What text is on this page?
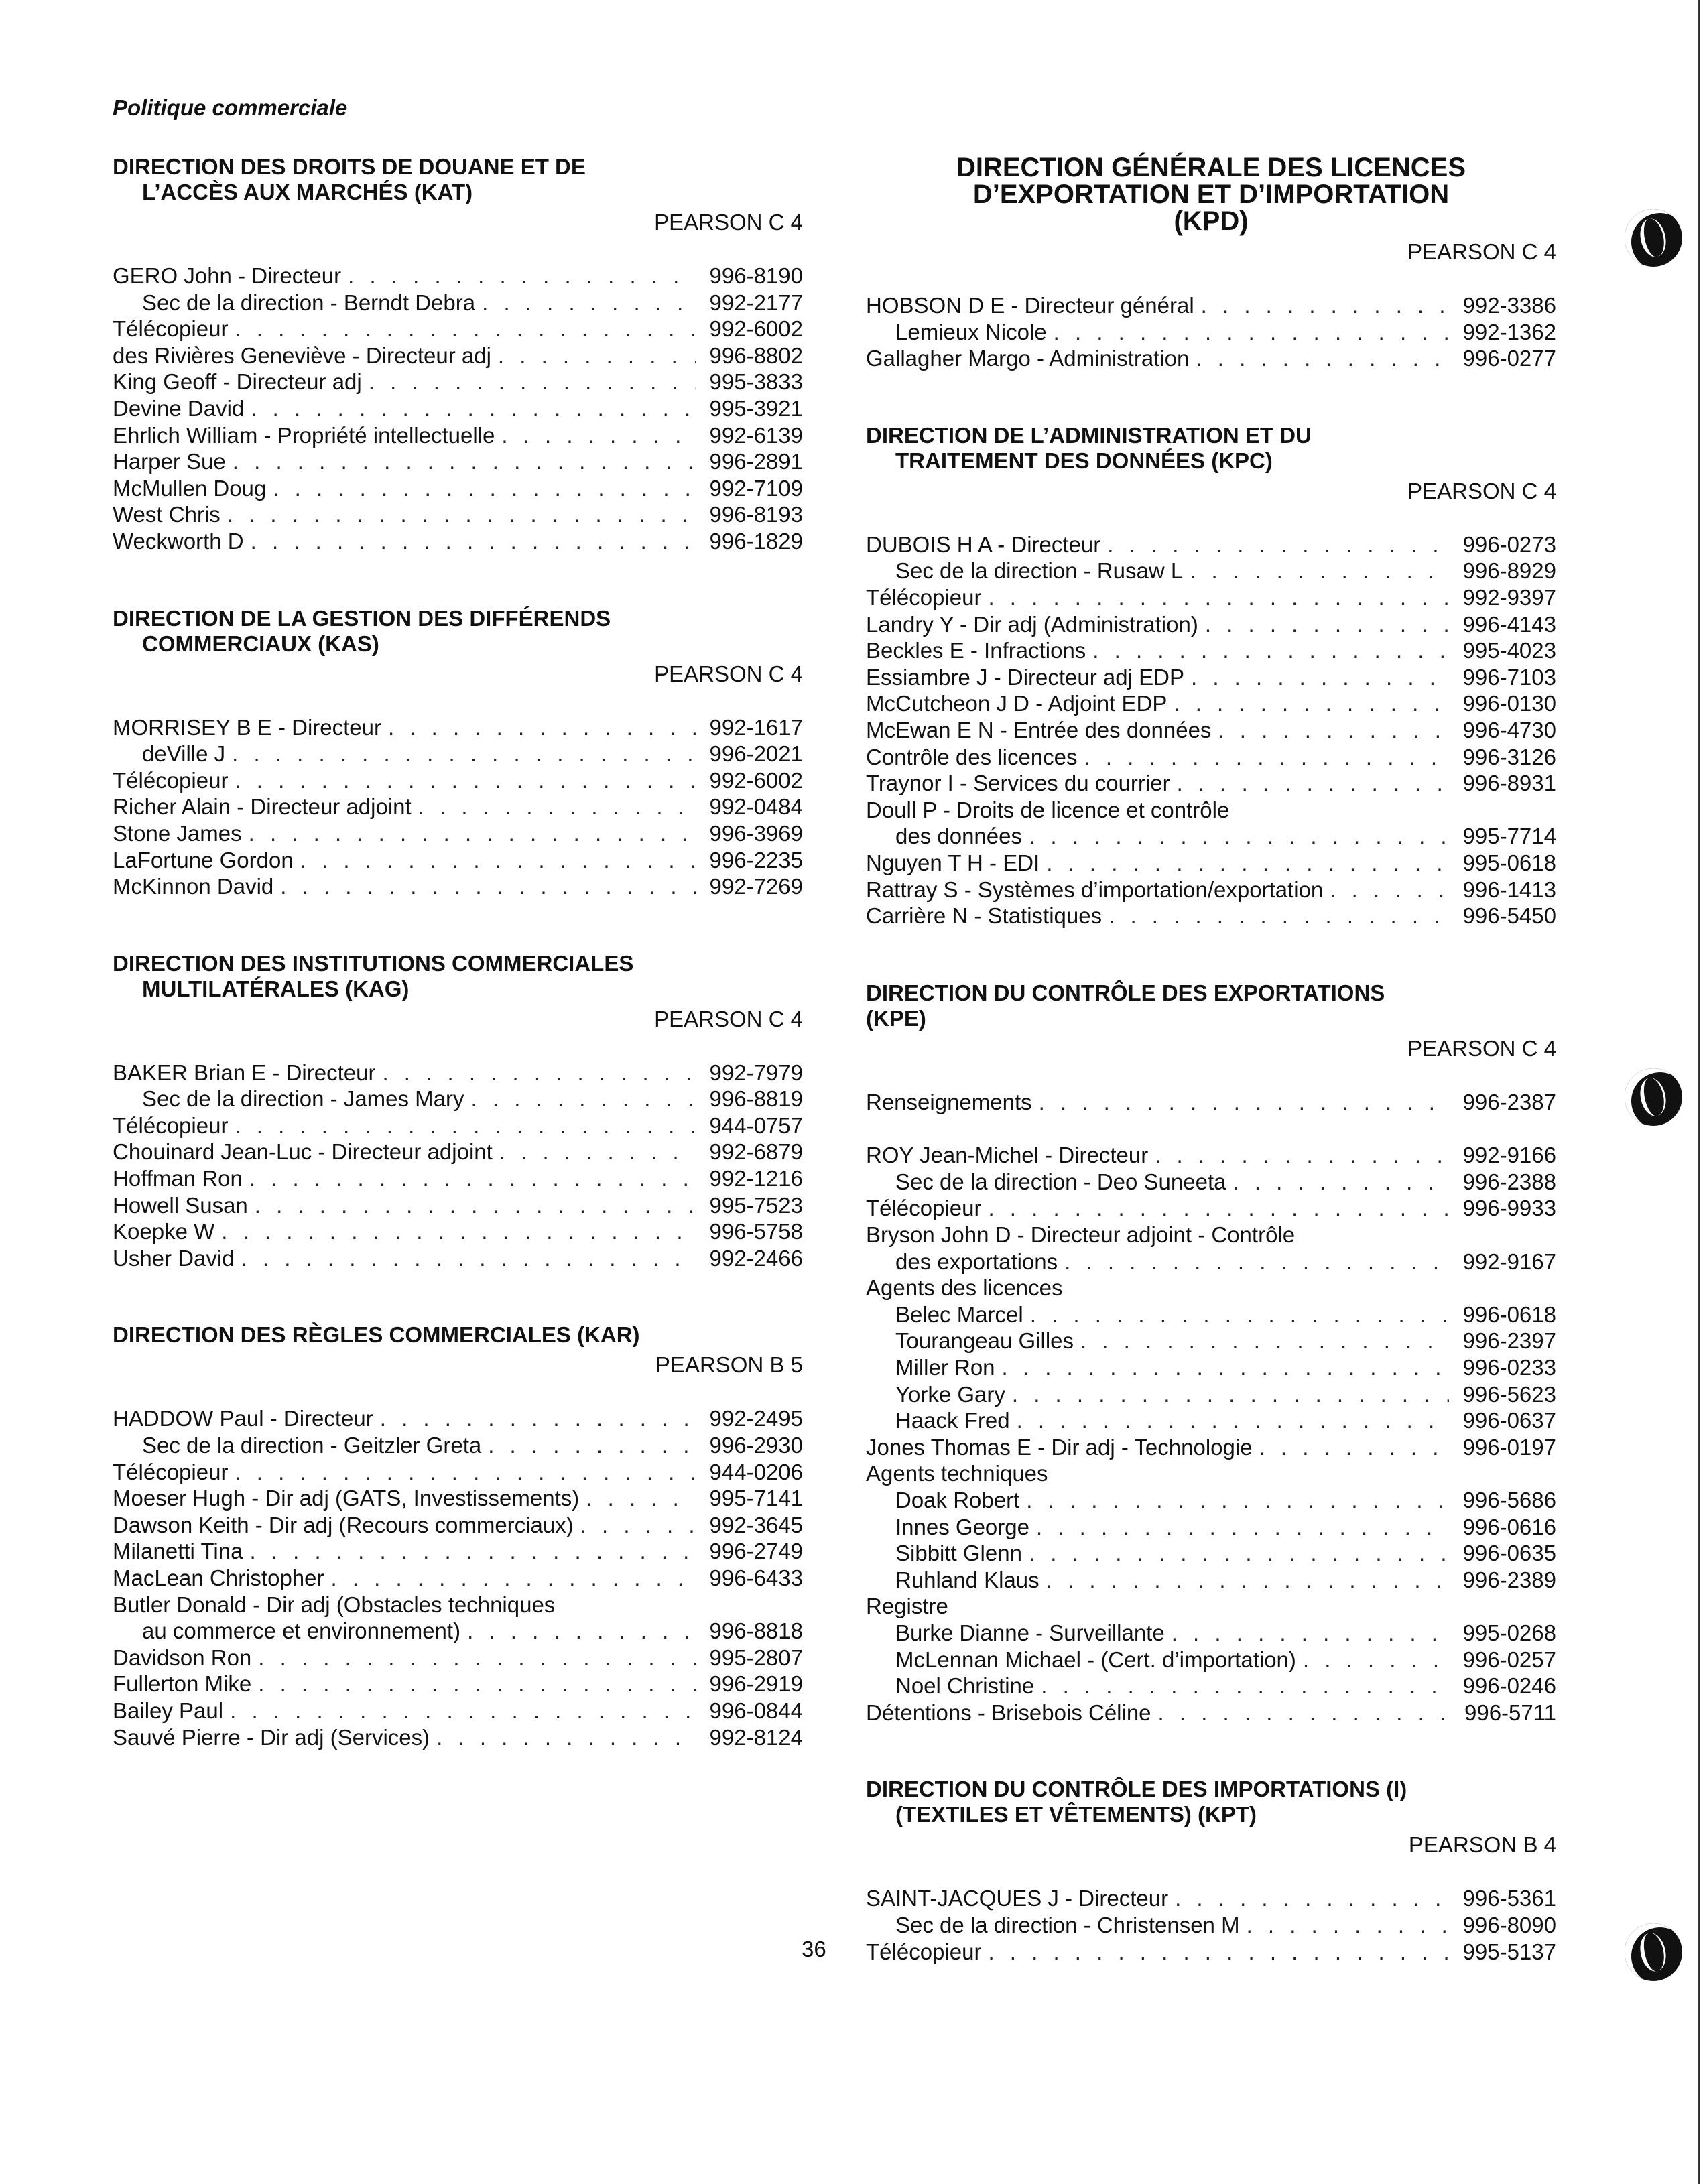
Politique commerciale
DIRECTION DES DROITS DE DOUANE ET DE
L’ACCÈS AUX MARCHÉS (KAT)
PEARSON C 4
GERO John - Directeur . . .	996-8190
Sec de la direction - Berndt Debra . . .	992-2177
Télécopieur . . .	992-6002
des Rivières Geneviève - Directeur adj . . .	996-8802
King Geoff - Directeur adj . . .	995-3833
Devine David . . .	995-3921
Ehrlich William - Propriété intellectuelle . . .	992-6139
Harper Sue . . .	996-2891
McMullen Doug . . .	992-7109
West Chris . . .	996-8193
Weckworth D . . .	996-1829
DIRECTION DE LA GESTION DES DIFFÉRENDS
COMMERCIAUX (KAS)
PEARSON C 4
MORRISEY B E - Directeur . . .	992-1617
deVille J . . .	996-2021
Télécopieur . . .	992-6002
Richer Alain - Directeur adjoint . . .	992-0484
Stone James . . .	996-3969
LaFortune Gordon . . .	996-2235
McKinnon David . . .	992-7269
DIRECTION DES INSTITUTIONS COMMERCIALES
MULTILATÉRALES (KAG)
PEARSON C 4
BAKER Brian E - Directeur . . .	992-7979
Sec de la direction - James Mary . . .	996-8819
Télécopieur . . .	944-0757
Chouinard Jean-Luc - Directeur adjoint . . .	992-6879
Hoffman Ron . . .	992-1216
Howell Susan . . .	995-7523
Koepke W . . .	996-5758
Usher David . . .	992-2466
DIRECTION DES RÈGLES COMMERCIALES (KAR)
PEARSON B 5
HADDOW Paul - Directeur . . .	992-2495
Sec de la direction - Geitzler Greta . . .	996-2930
Télécopieur . . .	944-0206
Moeser Hugh - Dir adj (GATS, Investissements) . . .	995-7141
Dawson Keith - Dir adj (Recours commerciaux) . . .	992-3645
Milanetti Tina . . .	996-2749
MacLean Christopher . . .	996-6433
Butler Donald - Dir adj (Obstacles techniques
au commerce et environnement) . . .	996-8818
Davidson Ron . . .	995-2807
Fullerton Mike . . .	996-2919
Bailey Paul . . .	996-0844
Sauvé Pierre - Dir adj (Services) . . .	992-8124
DIRECTION GÉNÉRALE DES LICENCES
D’EXPORTATION ET D’IMPORTATION
(KPD)
PEARSON C 4
HOBSON D E - Directeur général . . .	992-3386
Lemieux Nicole . . .	992-1362
Gallagher Margo - Administration . . .	996-0277
DIRECTION DE L’ADMINISTRATION ET DU
TRAITEMENT DES DONNÉES (KPC)
PEARSON C 4
DUBOIS H A - Directeur . . .	996-0273
Sec de la direction - Rusaw L . . .	996-8929
Télécopieur . . .	992-9397
Landry Y - Dir adj (Administration) . . .	996-4143
Beckles E - Infractions . . .	995-4023
Essiambre J - Directeur adj EDP . . .	996-7103
McCutcheon J D - Adjoint EDP . . .	996-0130
McEwan E N - Entrée des données . . .	996-4730
Contrôle des licences . . .	996-3126
Traynor I - Services du courrier . . .	996-8931
Doull P - Droits de licence et contrôle
des données . . .	995-7714
Nguyen T H - EDI . . .	995-0618
Rattray S - Systèmes d’importation/exportation . . .	996-1413
Carrière N - Statistiques . . .	996-5450
DIRECTION DU CONTRÔLE DES EXPORTATIONS
(KPE)
PEARSON C 4
Renseignements . . .	996-2387
ROY Jean-Michel - Directeur . . .	992-9166
Sec de la direction - Deo Suneeta . . .	996-2388
Télécopieur . . .	996-9933
Bryson John D - Directeur adjoint - Contrôle
des exportations . . .	992-9167
Agents des licences
Belec Marcel . . .	996-0618
Tourangeau Gilles . . .	996-2397
Miller Ron . . .	996-0233
Yorke Gary . . .	996-5623
Haack Fred . . .	996-0637
Jones Thomas E - Dir adj - Technologie . . .	996-0197
Agents techniques
Doak Robert . . .	996-5686
Innes George . . .	996-0616
Sibbitt Glenn . . .	996-0635
Ruhland Klaus . . .	996-2389
Registre
Burke Dianne - Surveillante . . .	995-0268
McLennan Michael - (Cert. d’importation) . . .	996-0257
Noel Christine . . .	996-0246
Détentions - Brisebois Céline . . .	996-5711
DIRECTION DU CONTRÔLE DES IMPORTATIONS (I)
(TEXTILES ET VÊTEMENTS) (KPT)
PEARSON B 4
SAINT-JACQUES J - Directeur . . .	996-5361
Sec de la direction - Christensen M . . .	996-8090
Télécopieur . . .	995-5137
36
